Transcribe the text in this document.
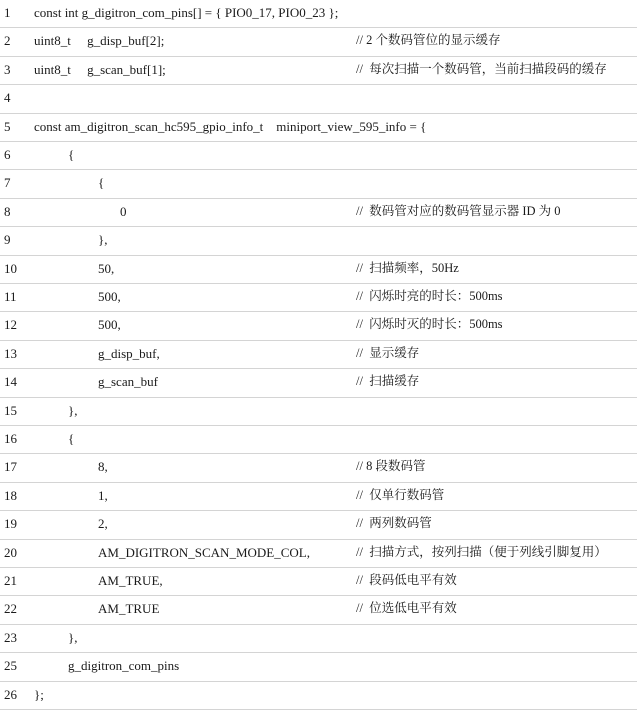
1 const int g_digitron_com_pins[] = { PIO0_17, PIO0_23 };
2 uint8_t     g_disp_buf[2];	// 2 个数码管位的显示缓存
3 uint8_t     g_scan_buf[1];	//  每次扫描一个数码管，当前扫描段码的缓存
4
5 const am_digitron_scan_hc595_gpio_info_t    miniport_view_595_info = {
6	{
7	{
8	0	//  数码管对应的数码管显示器 ID 为 0
9	},
10	50,	//  扫描频率，50Hz
11	500,	//  闪烁时亮的时长：500ms
12	500,	//  闪烁时灭的时长：500ms
13	g_disp_buf,	//  显示缓存
14	g_scan_buf	//  扫描缓存
15	},
16	{
17	8,	// 8 段数码管
18	1,	//  仅单行数码管
19	2,	//  两列数码管
20	AM_DIGITRON_SCAN_MODE_COL,	//  扫描方式，按列扫描（便于列线引脚复用）
21	AM_TRUE,	//  段码低电平有效
22	AM_TRUE	//  位选低电平有效
23	},
25	g_digitron_com_pins
26 };
